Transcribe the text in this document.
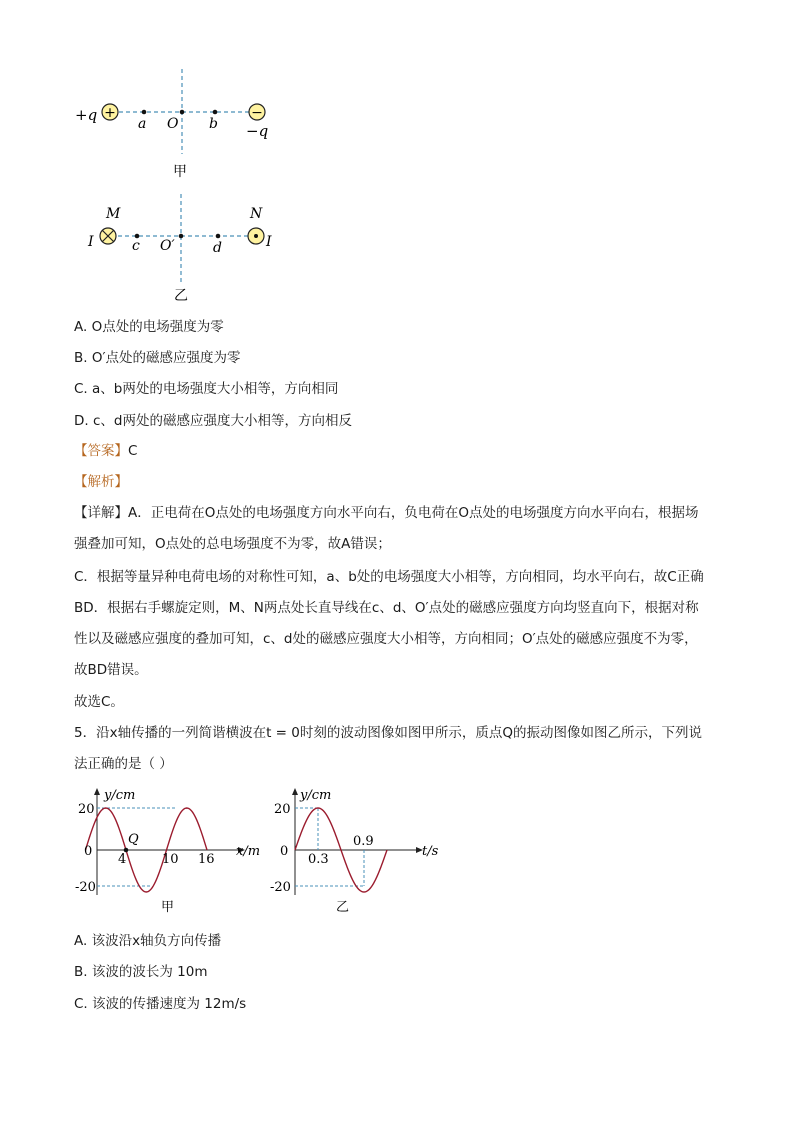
+	−
+q	a O b −q
甲
M	N
I	I
c O′	d
乙
A. O点处的电场强度为零
B. O′点处的磁感应强度为零
C. a、b两处的电场强度大小相等，方向相同
D. c、d两处的磁感应强度大小相等，方向相反
【答案】C
【解析】
【详解】A．正电荷在O点处的电场强度方向水平向右，负电荷在O点处的电场强度方向水平向右，根据场
强叠加可知，O点处的总电场强度不为零，故A错误；
C．根据等量异种电荷电场的对称性可知，a、b处的电场强度大小相等，方向相同，均水平向右，故C正确
BD．根据右手螺旋定则，M、N两点处长直导线在c、d、O′点处的磁感应强度方向均竖直向下，根据对称
性以及磁感应强度的叠加可知，c、d处的磁感应强度大小相等，方向相同；O′点处的磁感应强度不为零，
故BD错误。
故选C。
5．沿x轴传播的一列简谐横波在t = 0时刻的波动图像如图甲所示，质点Q的振动图像如图乙所示，下列说
法正确的是（ ）
y/cm
x/m
20
0
-20
4	10 16
Q
甲
y/cm
t/s
20
0
-20
0.3
0.9
乙
A. 该波沿x轴负方向传播
B. 该波的波长为 10m
C. 该波的传播速度为 12m/s
